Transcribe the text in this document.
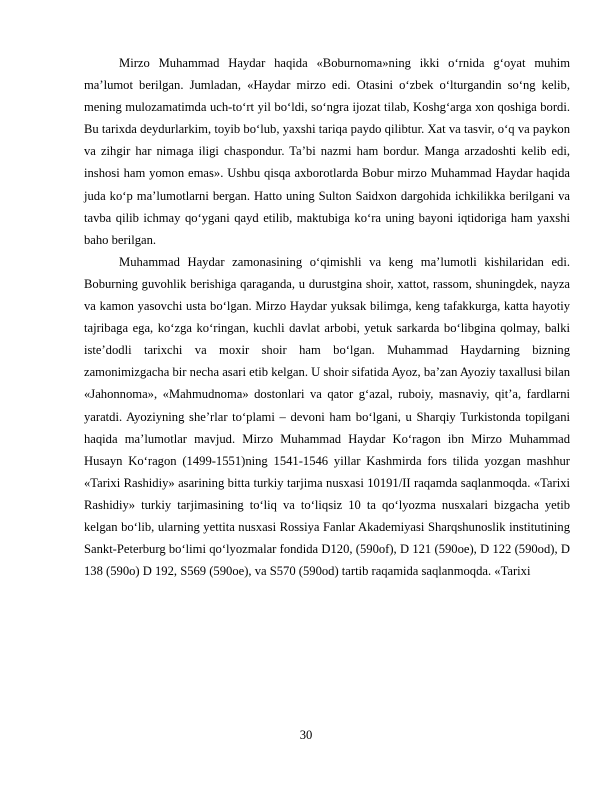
Mirzo Muhammad Haydar haqida «Boburnoma»ning ikki o‘rnida g‘oyat muhim ma’lumot berilgan. Jumladan, «Haydar mirzo edi. Otasini o‘zbek o‘lturgandin so‘ng kelib, mening mulozamatimda uch-to‘rt yil bo‘ldi, so‘ngra ijozat tilab, Koshg‘arga xon qoshiga bordi. Bu tarixda deydurlarkim, toyib bo‘lub, yaxshi tariqa paydo qilibtur. Xat va tasvir, o‘q va paykon va zihgir har nimaga iligi chaspondur. Ta’bi nazmi ham bordur. Manga arzadoshti kelib edi, inshosi ham yomon emas». Ushbu qisqa axborotlarda Bobur mirzo Muhammad Haydar haqida juda ko‘p ma’lumotlarni bergan. Hatto uning Sulton Saidxon dargohida ichkilikka berilgani va tavba qilib ichmay qo‘ygani qayd etilib, maktubiga ko‘ra uning bayoni iqtidoriga ham yaxshi baho berilgan.

Muhammad Haydar zamonasining o‘qimishli va keng ma’lumotli kishilaridan edi. Boburning guvohlik berishiga qaraganda, u durustgina shoir, xattot, rassom, shuningdek, nayza va kamon yasovchi usta bo‘lgan. Mirzo Haydar yuksak bilimga, keng tafakkurga, katta hayotiy tajribaga ega, ko‘zga ko‘ringan, kuchli davlat arbobi, yetuk sarkarda bo‘libgina qolmay, balki iste’dodli tarixchi va moxir shoir ham bo‘lgan. Muhammad Haydarning bizning zamonimizgacha bir necha asari etib kelgan. U shoir sifatida Ayoz, ba’zan Ayoziy taxallusi bilan «Jahonnoma», «Mahmudnoma» dostonlari va qator g‘azal, ruboiy, masnaviy, qit’a, fardlarni yaratdi. Ayoziyning she’rlar to‘plami – devoni ham bo‘lgani, u Sharqiy Turkistonda topilgani haqida ma’lumotlar mavjud. Mirzo Muhammad Haydar Ko‘ragon ibn Mirzo Muhammad Husayn Ko‘ragon (1499-1551)ning 1541-1546 yillar Kashmirda fors tilida yozgan mashhur «Tarixi Rashidiy» asarining bitta turkiy tarjima nusxasi 10191/II raqamda saqlanmoqda. «Tarixi Rashidiy» turkiy tarjimasining to‘liq va to‘liqsiz 10 ta qo‘lyozma nusxalari bizgacha yetib kelgan bo‘lib, ularning yettita nusxasi Rossiya Fanlar Akademiyasi Sharqshunoslik institutining Sankt-Peterburg bo‘limi qo‘lyozmalar fondida D120, (590of), D 121 (590oe), D 122 (590od), D 138 (590o) D 192, S569 (590oe), va S570 (590od) tartib raqamida saqlanmoqda. «Tarixi

30
